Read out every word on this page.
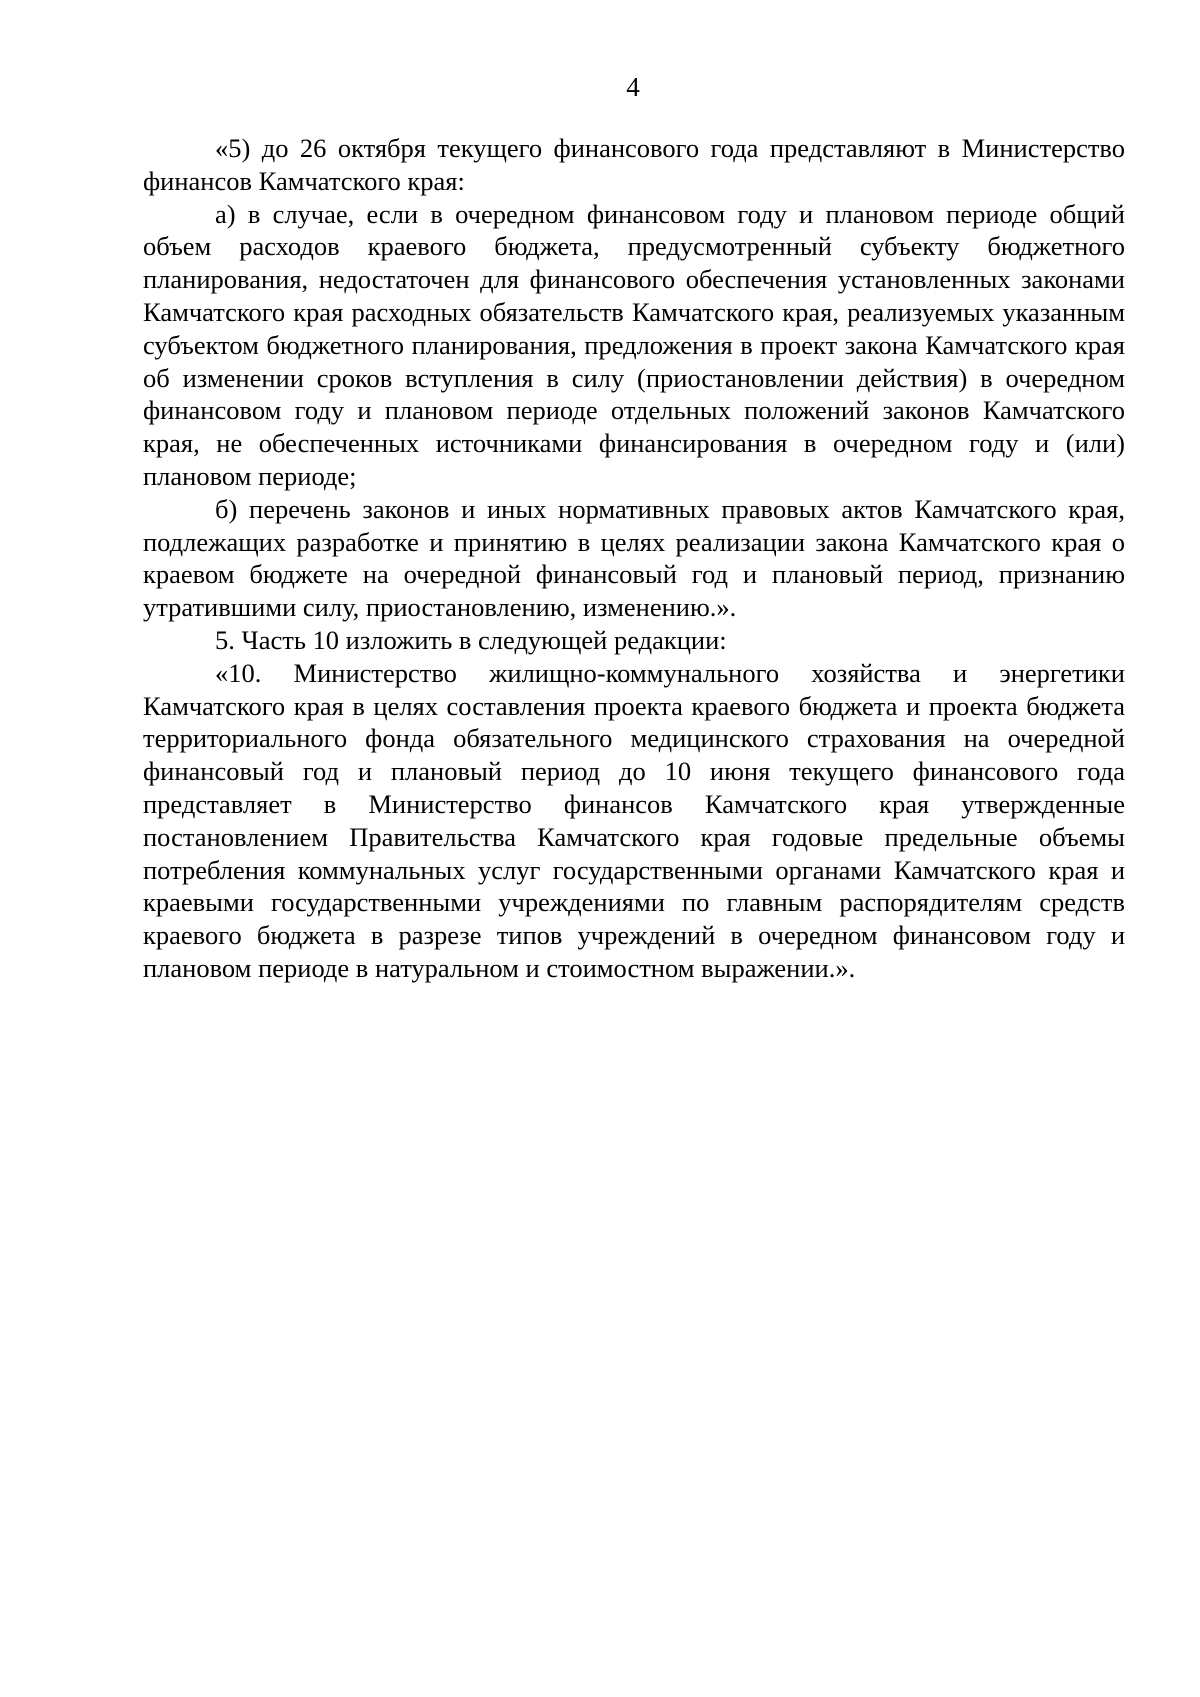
4

«5) до 26 октября текущего финансового года представляют в Министерство финансов Камчатского края:

а) в случае, если в очередном финансовом году и плановом периоде общий объем расходов краевого бюджета, предусмотренный субъекту бюджетного планирования, недостаточен для финансового обеспечения установленных законами Камчатского края расходных обязательств Камчатского края, реализуемых указанным субъектом бюджетного планирования, предложения в проект закона Камчатского края об изменении сроков вступления в силу (приостановлении действия) в очередном финансовом году и плановом периоде отдельных положений законов Камчатского края, не обеспеченных источниками финансирования в очередном году и (или) плановом периоде;

б) перечень законов и иных нормативных правовых актов Камчатского края, подлежащих разработке и принятию в целях реализации закона Камчатского края о краевом бюджете на очередной финансовый год и плановый период, признанию утратившими силу, приостановлению, изменению.».

5. Часть 10 изложить в следующей редакции:

«10. Министерство жилищно-коммунального хозяйства и энергетики Камчатского края в целях составления проекта краевого бюджета и проекта бюджета территориального фонда обязательного медицинского страхования на очередной финансовый год и плановый период до 10 июня текущего финансового года представляет в Министерство финансов Камчатского края утвержденные постановлением Правительства Камчатского края годовые предельные объемы потребления коммунальных услуг государственными органами Камчатского края и краевыми государственными учреждениями по главным распорядителям средств краевого бюджета в разрезе типов учреждений в очередном финансовом году и плановом периоде в натуральном и стоимостном выражении.».
